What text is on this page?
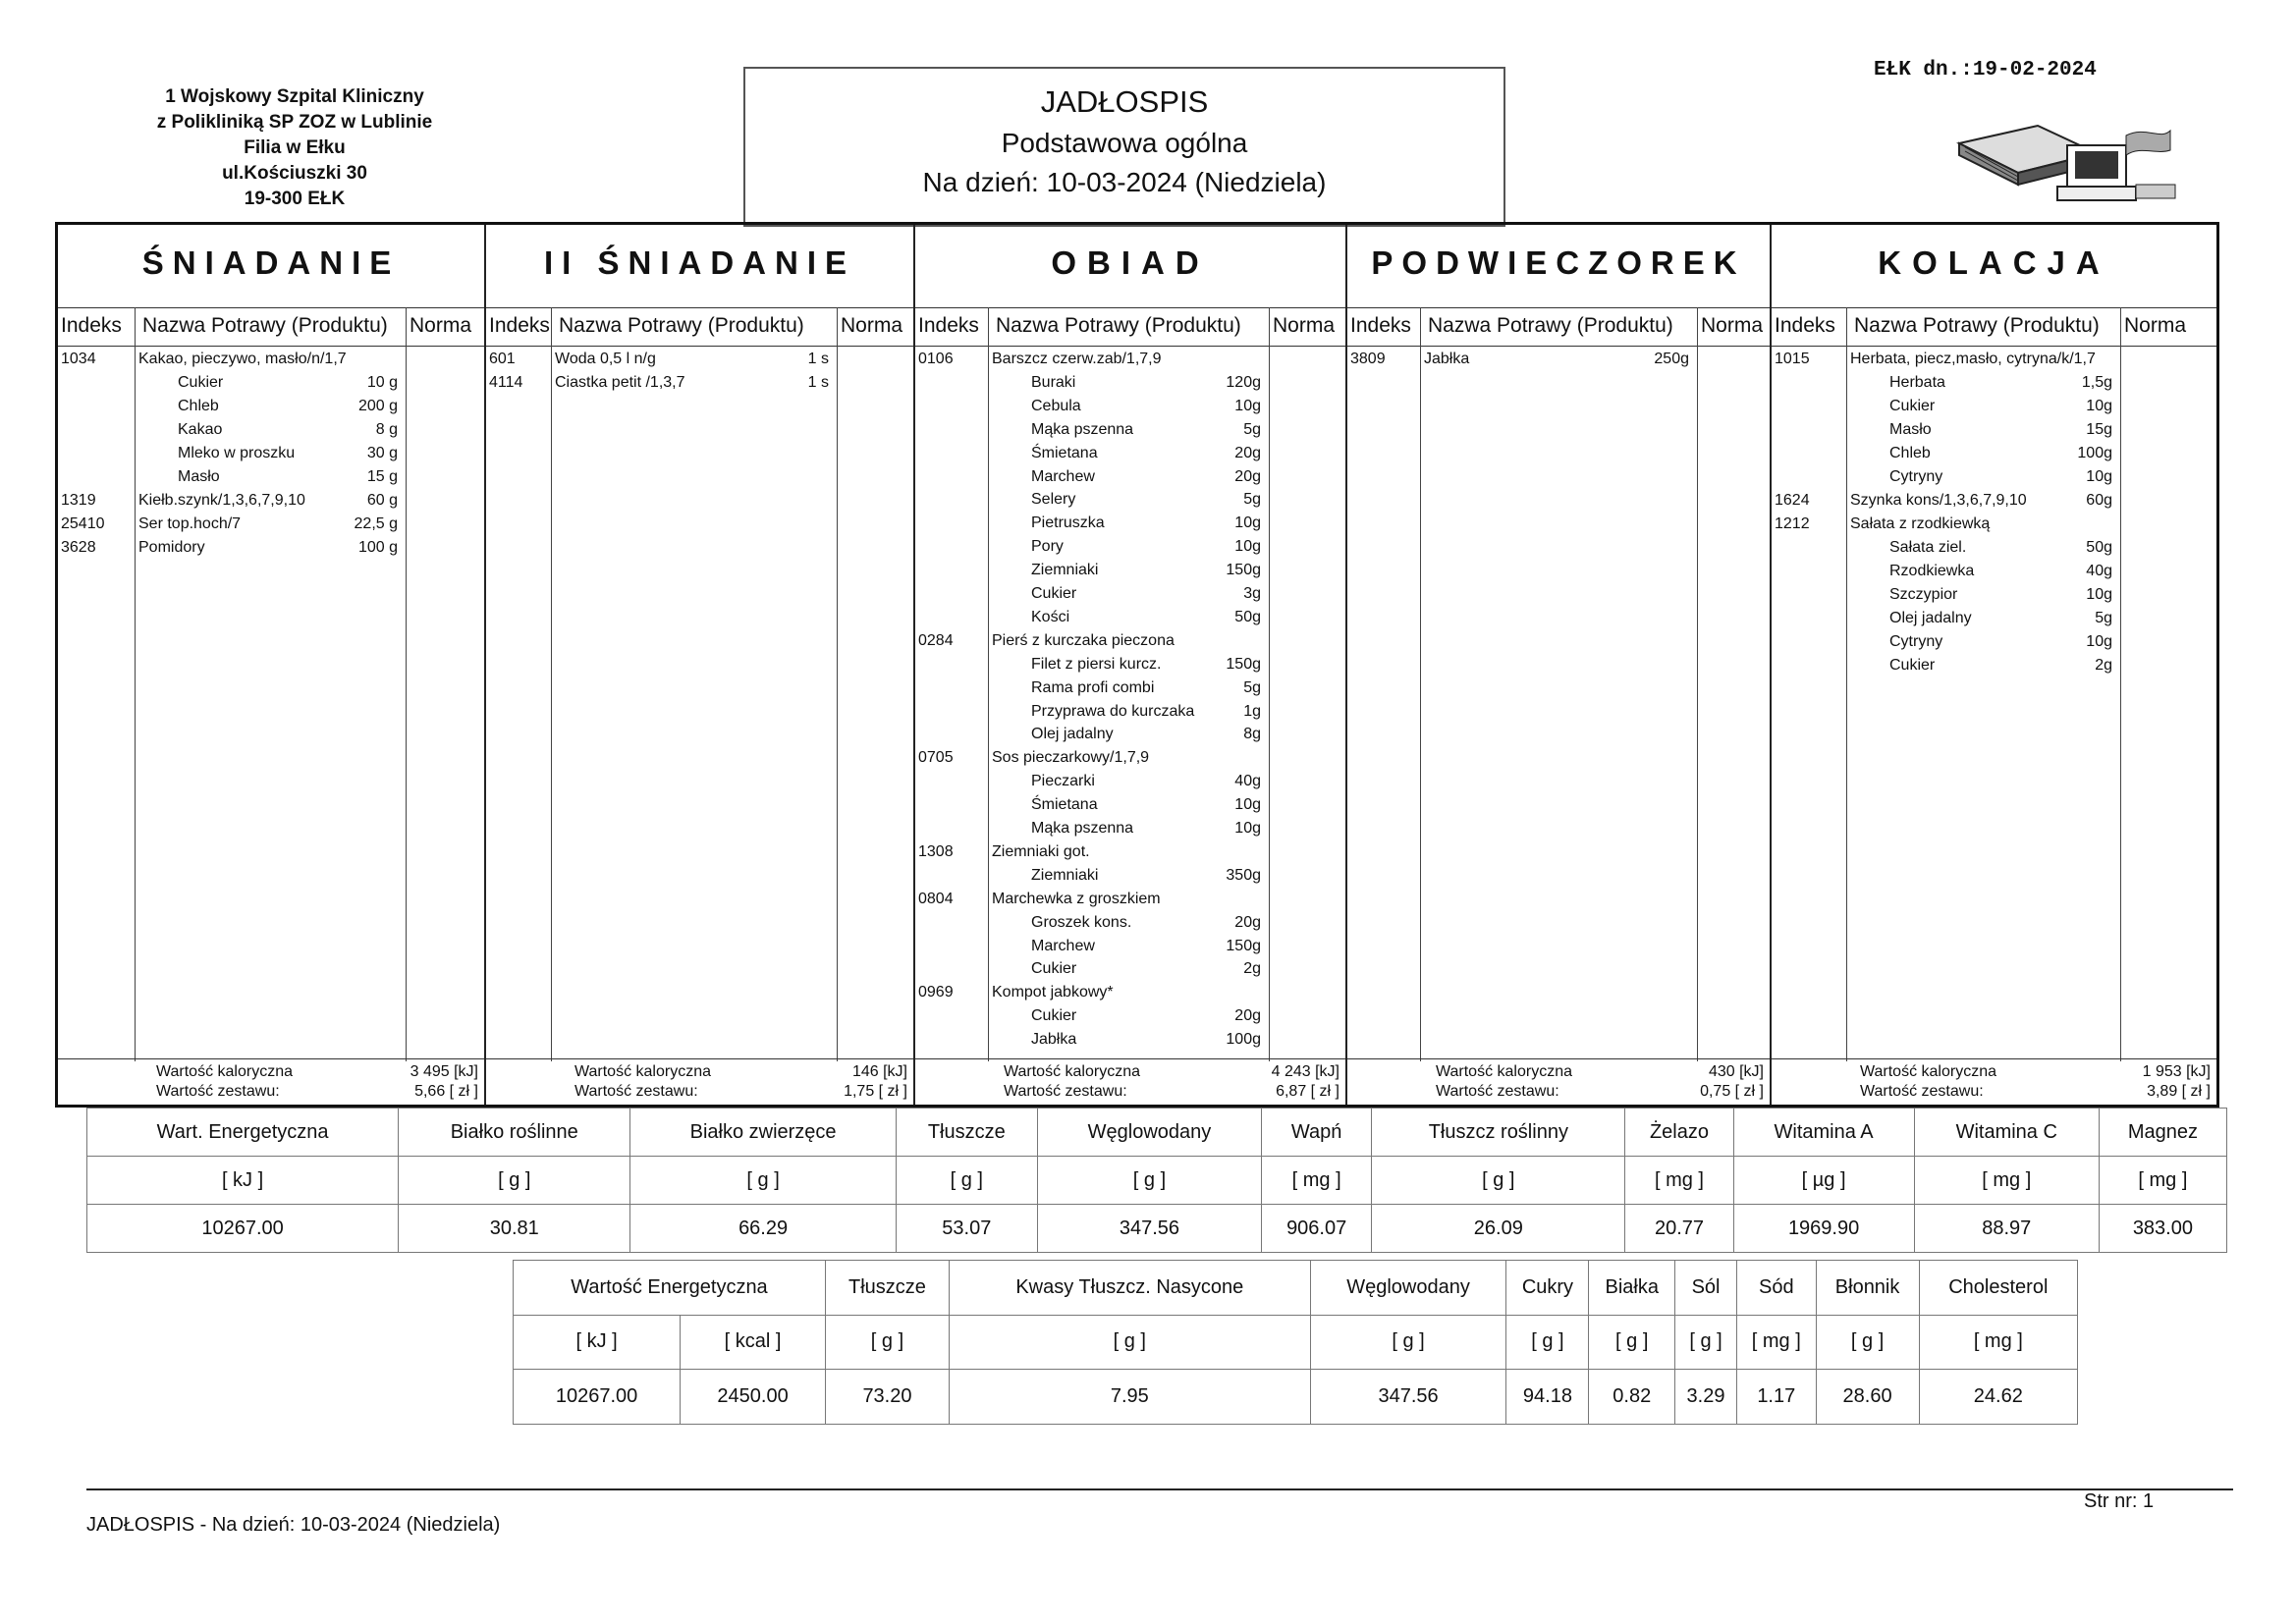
1 Wojskowy Szpital Kliniczny
z Polikliniką SP ZOZ w Lublinie
Filia w Ełku
ul.Kościuszki 30
19-300 EŁK
JADŁOSPIS
Podstawowa ogólna
Na dzień: 10-03-2024 (Niedziela)
EŁK dn.:19-02-2024
ŚNIADANIE
Indeks Nazwa Potrawy (Produktu) Norma
1034	Kakao, pieczywo, masło/n/1,7
Cukier	10 g
Chleb	200 g
Kakao	8 g
Mleko w proszku	30 g
Masło	15 g
1319	Kiełb.szynk/1,3,6,7,9,10	60 g
25410 Ser top.hoch/7	22,5 g
3628	Pomidory	100 g
Wartość kaloryczna	3 495 [kJ]
Wartość zestawu:	5,66 [ zł ]
II ŚNIADANIE
Indeks Nazwa Potrawy (Produktu) Norma
601	Woda 0,5 l n/g	1 s
4114 Ciastka petit /1,3,7	1 s
Wartość kaloryczna	146 [kJ]
Wartość zestawu:	1,75 [ zł ]
OBIAD
Indeks Nazwa Potrawy (Produktu) Norma
0106 Barszcz czerw.zab/1,7,9
Buraki	120g
Cebula	10g
Mąka pszenna	5g
Śmietana	20g
Marchew	20g
Selery	5g
Pietruszka	10g
Pory	10g
Ziemniaki	150g
Cukier	3g
Kości	50g
0284 Pierś z kurczaka pieczona
Filet z piersi kurcz.	150g
Rama profi combi	5g
Przyprawa do kurczaka	1g
Olej jadalny	8g
0705 Sos pieczarkowy/1,7,9
Pieczarki	40g
Śmietana	10g
Mąka pszenna	10g
1308 Ziemniaki got.
Ziemniaki	350g
0804 Marchewka z groszkiem
Groszek kons.	20g
Marchew	150g
Cukier	2g
0969 Kompot jabkowy*
Cukier	20g
Jabłka	100g
Wartość kaloryczna	4 243 [kJ]
Wartość zestawu:	6,87 [ zł ]
PODWIECZOREK
Indeks Nazwa Potrawy (Produktu) Norma
3809 Jabłka	250g
Wartość kaloryczna	430 [kJ]
Wartość zestawu:	0,75 [ zł ]
KOLACJA
Indeks Nazwa Potrawy (Produktu) Norma
1015	Herbata, piecz,masło, cytryna/k/1,7
Herbata	1,5g
Cukier	10g
Masło	15g
Chleb	100g
Cytryny	10g
1624	Szynka kons/1,3,6,7,9,10	60g
1212	Sałata z rzodkiewką
Sałata ziel.	50g
Rzodkiewka	40g
Szczypior	10g
Olej jadalny	5g
Cytryny	10g
Cukier	2g
Wartość kaloryczna	1 953 [kJ]
Wartość zestawu:	3,89 [ zł ]
Wart. Energetyczna	Białko roślinne	Białko zwierzęce	Tłuszcze	Węglowodany	Wapń	Tłuszcz roślinny	Żelazo	Witamina A	Witamina C	Magnez
[ kJ ]	[ g ]	[ g ]	[ g ]	[ g ]	[ mg ]	[ g ]	[ mg ]	[ µg ]	[ mg ]	[ mg ]
10267.00	30.81	66.29	53.07	347.56	906.07	26.09	20.77	1969.90	88.97	383.00
Wartość Energetyczna		Tłuszcze	Kwasy Tłuszcz. Nasycone	Węglowodany	Cukry	Białka	Sól	Sód	Błonnik	Cholesterol
[ kJ ]	[ kcal ]	[ g ]	[ g ]	[ g ]	[ g ]	[ g ]	[ g ]	[ mg ]	[ g ]	[ mg ]
10267.00	2450.00	73.20	7.95	347.56	94.18	0.82	3.29	1.17	28.60	24.62
JADŁOSPIS - Na dzień: 10-03-2024 (Niedziela)
Str nr: 1
